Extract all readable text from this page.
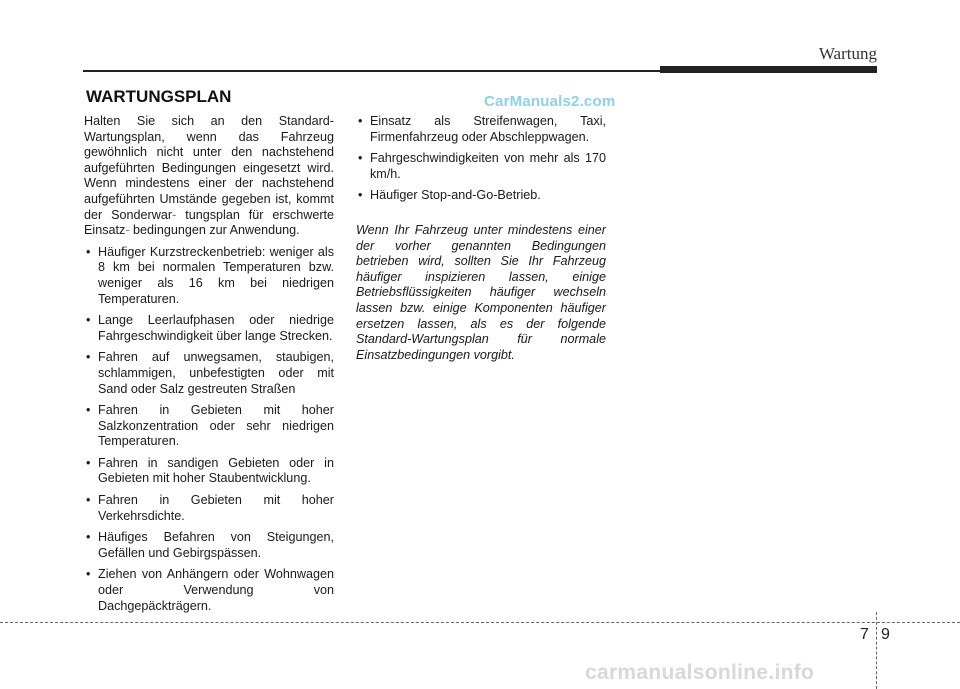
Wartung
WARTUNGSPLAN	CarManuals2.com

Halten Sie sich an den Standard-Wartungsplan, wenn das Fahrzeug gewöhnlich nicht unter den nachstehend aufgeführten Bedingungen eingesetzt wird. Wenn mindestens einer der nachstehend aufgeführten Umstände gegeben ist, kommt der Sonderwar- tungsplan für erschwerte Einsatz- bedingungen zur Anwendung.

• Häufiger Kurzstreckenbetrieb: weniger als 8 km bei normalen Temperaturen bzw. weniger als 16 km bei niedrigen Temperaturen.
• Lange Leerlaufphasen oder niedrige Fahrgeschwindigkeit über lange Strecken.
• Fahren auf unwegsamen, staubigen, schlammigen, unbefestigten oder mit Sand oder Salz gestreuten Straßen
• Fahren in Gebieten mit hoher Salzkonzentration oder sehr niedrigen Temperaturen.
• Fahren in sandigen Gebieten oder in Gebieten mit hoher Staubentwicklung.
• Fahren in Gebieten mit hoher Verkehrsdichte.
• Häufiges Befahren von Steigungen, Gefällen und Gebirgspässen.
• Ziehen von Anhängern oder Wohnwagen oder Verwendung von Dachgepäckträgern.
• Einsatz als Streifenwagen, Taxi, Firmenfahrzeug oder Abschleppwagen.
• Fahrgeschwindigkeiten von mehr als 170 km/h.
• Häufiger Stop-and-Go-Betrieb.

Wenn Ihr Fahrzeug unter mindestens einer der vorher genannten Bedingungen betrieben wird, sollten Sie Ihr Fahrzeug häufiger inspizieren lassen, einige Betriebsflüssigkeiten häufiger wechseln lassen bzw. einige Komponenten häufiger ersetzen lassen, als es der folgende Standard-Wartungsplan für normale Einsatzbedingungen vorgibt.

7 9
carmanualsonline.info
